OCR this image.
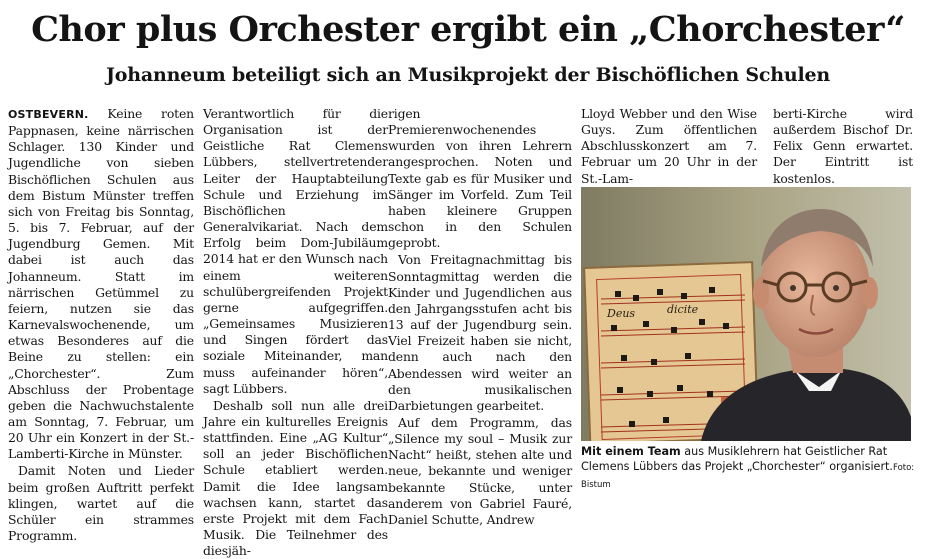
Chor plus Orchester ergibt ein „Chorchester“
Johanneum beteiligt sich an Musikprojekt der Bischöflichen Schulen

OSTBEVERN. Keine roten Pappnasen, keine närrischen Schlager. 130 Kinder und Jugendliche von sieben Bischöflichen Schulen aus dem Bistum Münster treffen sich von Freitag bis Sonntag, 5. bis 7. Februar, auf der Jugendburg Gemen. Mit dabei ist auch das Johanneum. Statt im närrischen Getümmel zu feiern, nutzen sie das Karnevalswochenende, um etwas Besonderes auf die Beine zu stellen: ein „Chorchester“. Zum Abschluss der Probentage geben die Nachwuchstalente am Sonntag, 7. Februar, um 20 Uhr ein Konzert in der St.-Lamberti-Kirche in Münster.

Damit Noten und Lieder beim großen Auftritt perfekt klingen, wartet auf die Schüler ein strammes Programm.

Verantwortlich für die Organisation ist der Geistliche Rat Clemens Lübbers, stellvertretender Leiter der Hauptabteilung Schule und Erziehung im Bischöflichen Generalvikariat. Nach dem Erfolg beim Dom-Jubiläum 2014 hat er den Wunsch nach einem weiteren schulübergreifenden Projekt gerne aufgegriffen. „Gemeinsames Musizieren und Singen fördert das soziale Miteinander, man muss aufeinander hören“, sagt Lübbers.

Deshalb soll nun alle drei Jahre ein kulturelles Ereignis stattfinden. Eine „AG Kultur“ soll an jeder Bischöflichen Schule etabliert werden. Damit die Idee langsam wachsen kann, startet das erste Projekt mit dem Fach Musik. Die Teilnehmer des diesjäh-

rigen Premierenwochenendes wurden von ihren Lehrern angesprochen. Noten und Texte gab es für Musiker und Sänger im Vorfeld. Zum Teil haben kleinere Gruppen schon in den Schulen geprobt.

Von Freitagnachmittag bis Sonntagmittag werden die Kinder und Jugendlichen aus den Jahrgangsstufen acht bis 13 auf der Jugendburg sein. Viel Freizeit haben sie nicht, denn auch nach den Abendessen wird weiter an den musikalischen Darbietungen gearbeitet.

Auf dem Programm, das „Silence my soul – Musik zur Nacht“ heißt, stehen alte und neue, bekannte und weniger bekannte Stücke, unter anderem von Gabriel Fauré, Daniel Schutte, Andrew

Lloyd Webber und den Wise Guys. Zum öffentlichen Abschlusskonzert am 7. Februar um 20 Uhr in der St.-Lam-

berti-Kirche wird außerdem Bischof Dr. Felix Genn erwartet. Der Eintritt ist kostenlos.

Deus	dicite

Mit einem Team aus Musiklehrern hat Geistlicher Rat Clemens Lübbers das Projekt „Chorchester“ organisiert.Foto: Bistum
